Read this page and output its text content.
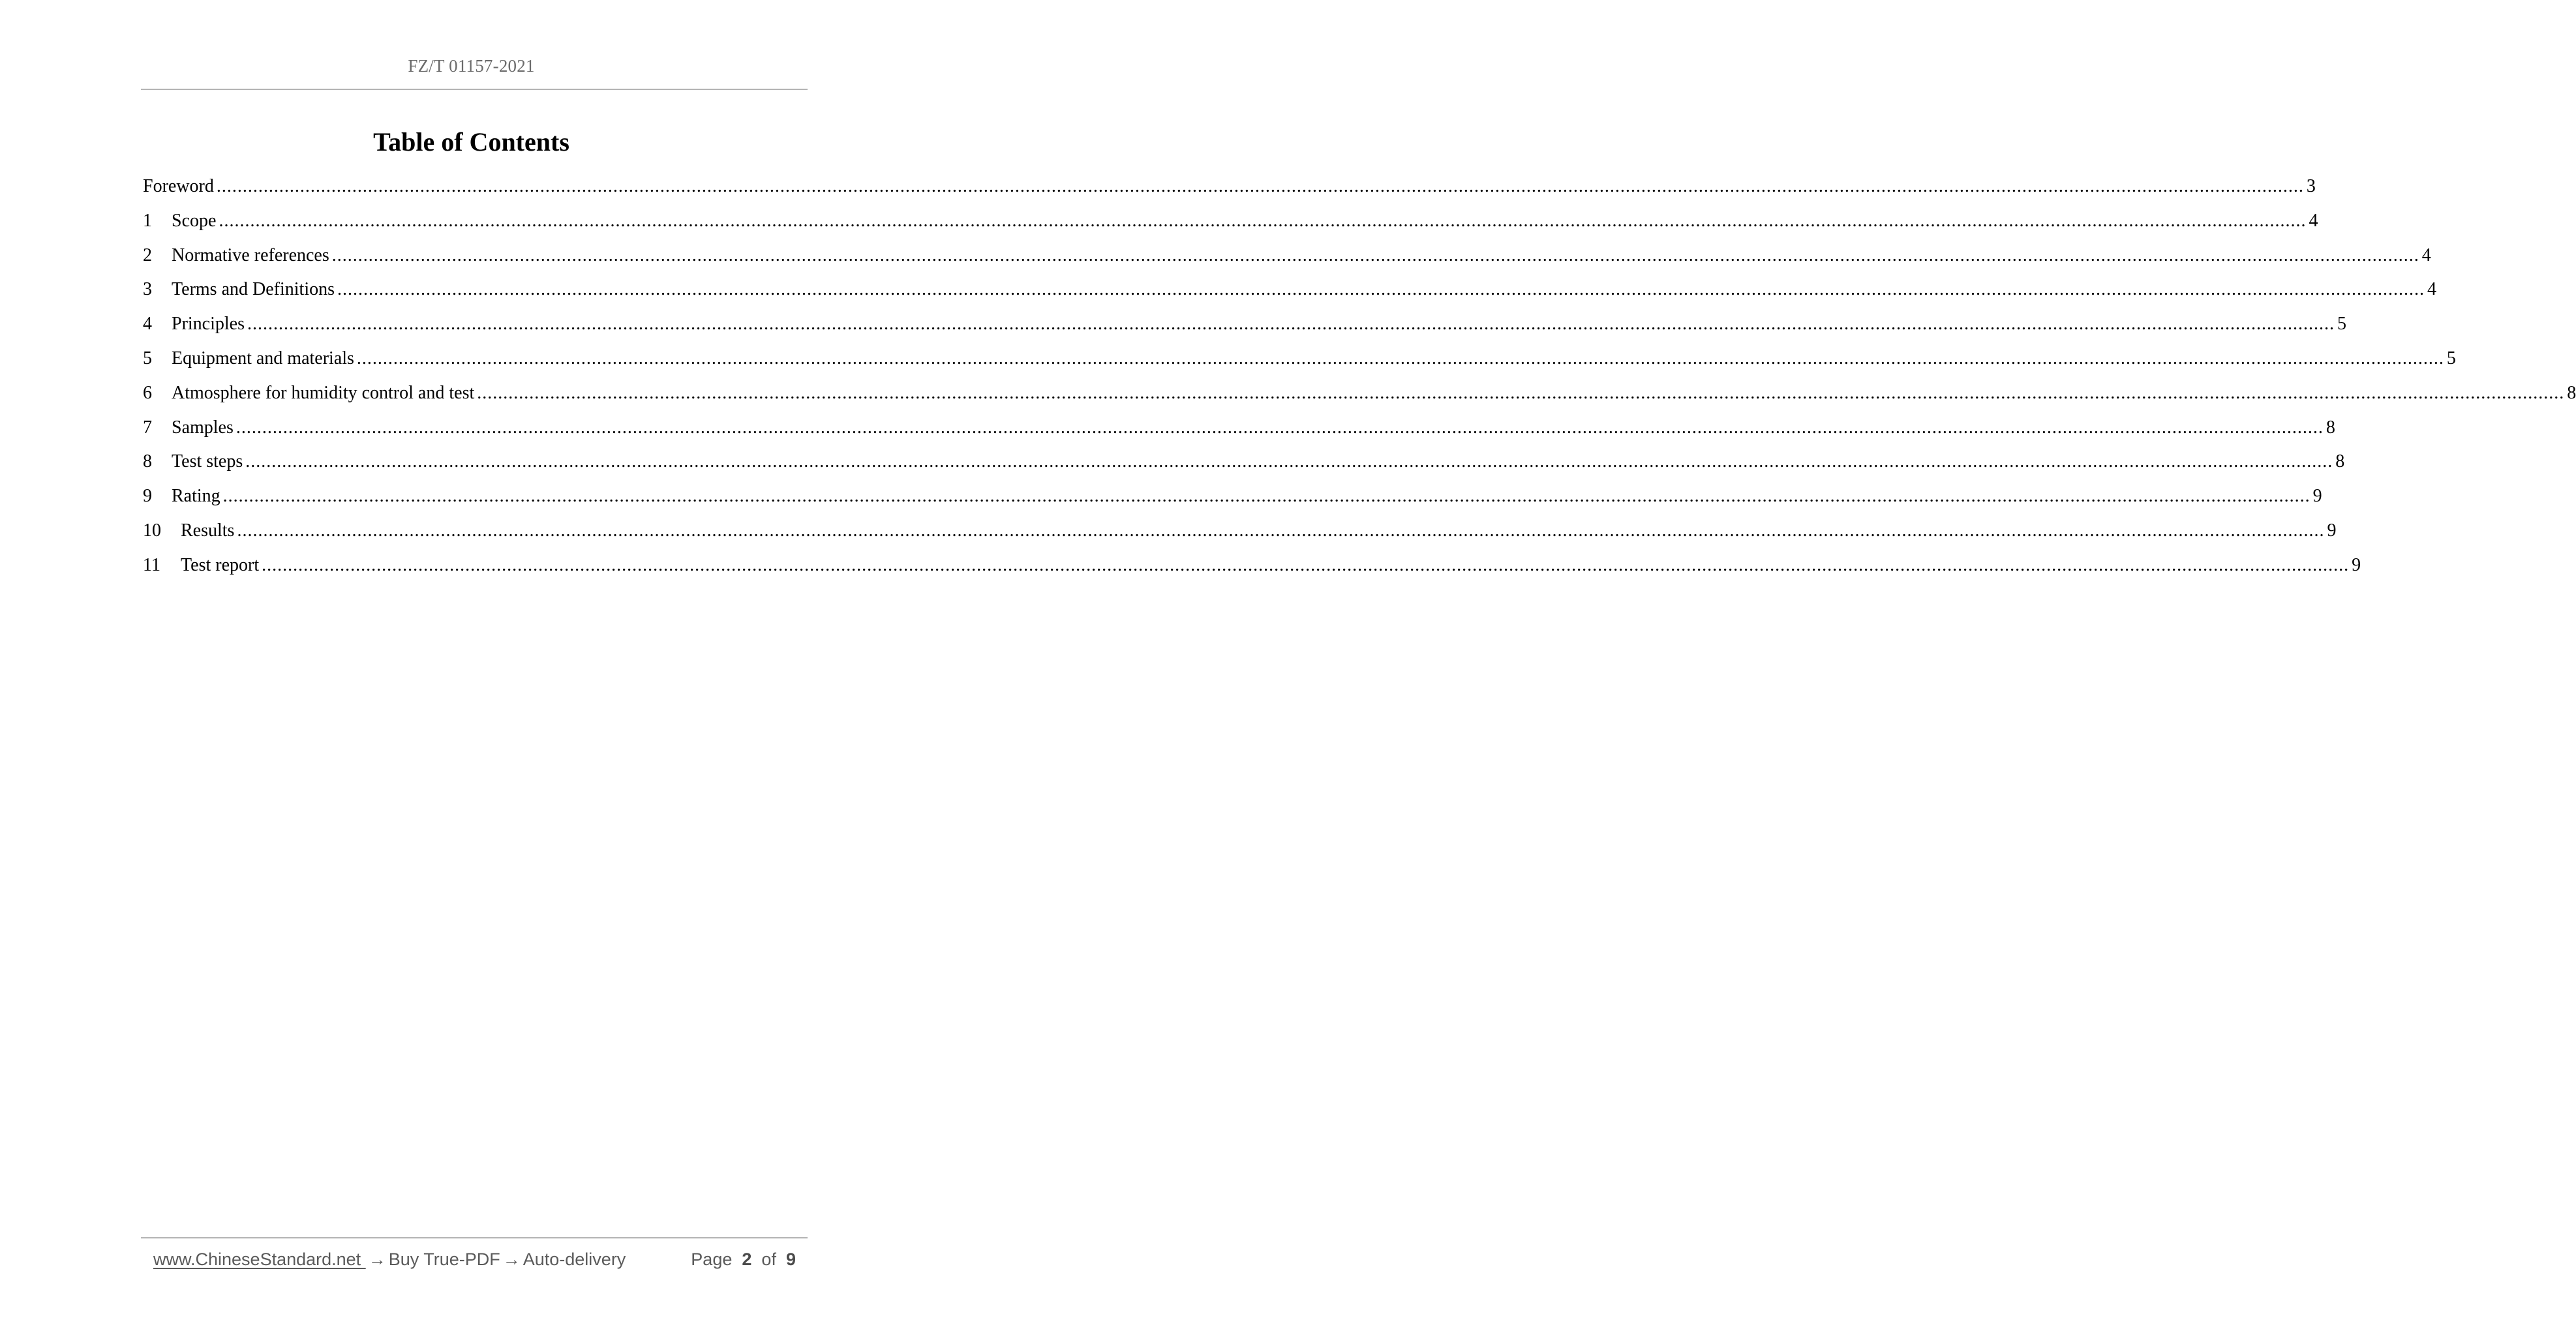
FZ/T 01157-2021
Table of Contents
Foreword ................................................................................................................................................................................................................................................................................................................................................................................................................ 3
1	Scope ................................................................................................................................................................................................................................................................................................................................................................................................................ 4
2	Normative references ................................................................................................................................................................................................................................................................................................................................................................................................................ 4
3	Terms and Definitions ................................................................................................................................................................................................................................................................................................................................................................................................................ 4
4	Principles ................................................................................................................................................................................................................................................................................................................................................................................................................ 5
5	Equipment and materials ................................................................................................................................................................................................................................................................................................................................................................................................................ 5
6	Atmosphere for humidity control and test ................................................................................................................................................................................................................................................................................................................................................................................................................ 8
7	Samples ................................................................................................................................................................................................................................................................................................................................................................................................................ 8
8	Test steps ................................................................................................................................................................................................................................................................................................................................................................................................................ 8
9	Rating ................................................................................................................................................................................................................................................................................................................................................................................................................ 9
10	Results ................................................................................................................................................................................................................................................................................................................................................................................................................ 9
11	Test report ................................................................................................................................................................................................................................................................................................................................................................................................................ 9
www.ChineseStandard.net → Buy True-PDF → Auto-delivery	Page 2 of 9
